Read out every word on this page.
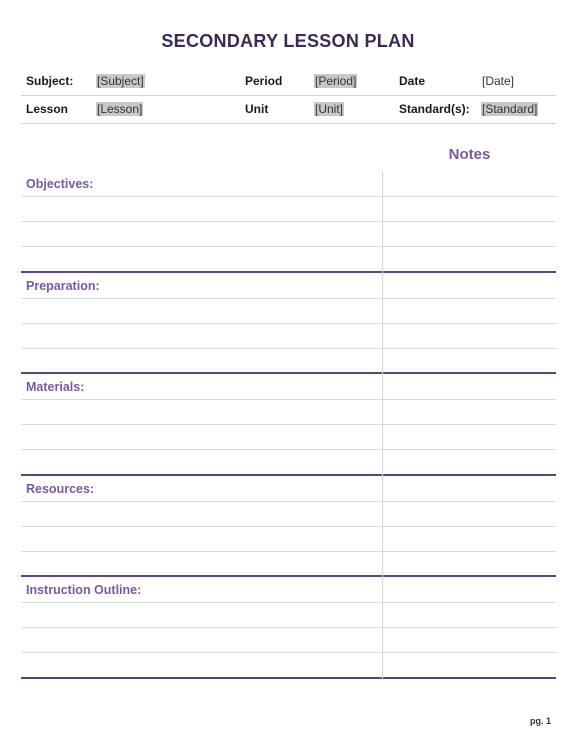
SECONDARY LESSON PLAN
Subject: [Subject]	Period	[Period]	Date	[Date]
Lesson [Lesson]	Unit	[Unit]	Standard(s): [Standard]
Notes
Objectives:
Preparation:
Materials:
Resources:
Instruction Outline:
pg. 1
